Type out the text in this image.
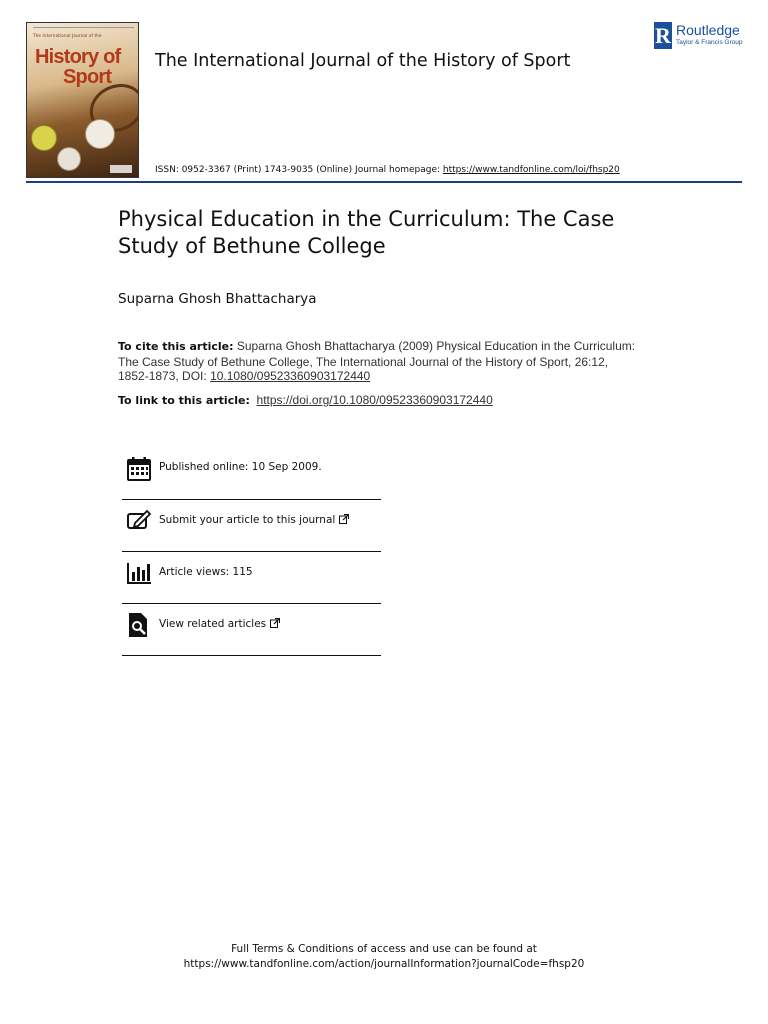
The International Journal of the
History of
Sport
The International Journal of the History of Sport
R Routledge
Taylor & Francis Group
ISSN: 0952-3367 (Print) 1743-9035 (Online) Journal homepage: https://www.tandfonline.com/loi/fhsp20
Physical Education in the Curriculum: The Case Study of Bethune College
Suparna Ghosh Bhattacharya
To cite this article: Suparna Ghosh Bhattacharya (2009) Physical Education in the Curriculum: The Case Study of Bethune College, The International Journal of the History of Sport, 26:12, 1852-1873, DOI: 10.1080/09523360903172440
To link to this article: https://doi.org/10.1080/09523360903172440
Published online: 10 Sep 2009.
Submit your article to this journal
Article views: 115
View related articles
Full Terms & Conditions of access and use can be found at
https://www.tandfonline.com/action/journalInformation?journalCode=fhsp20
